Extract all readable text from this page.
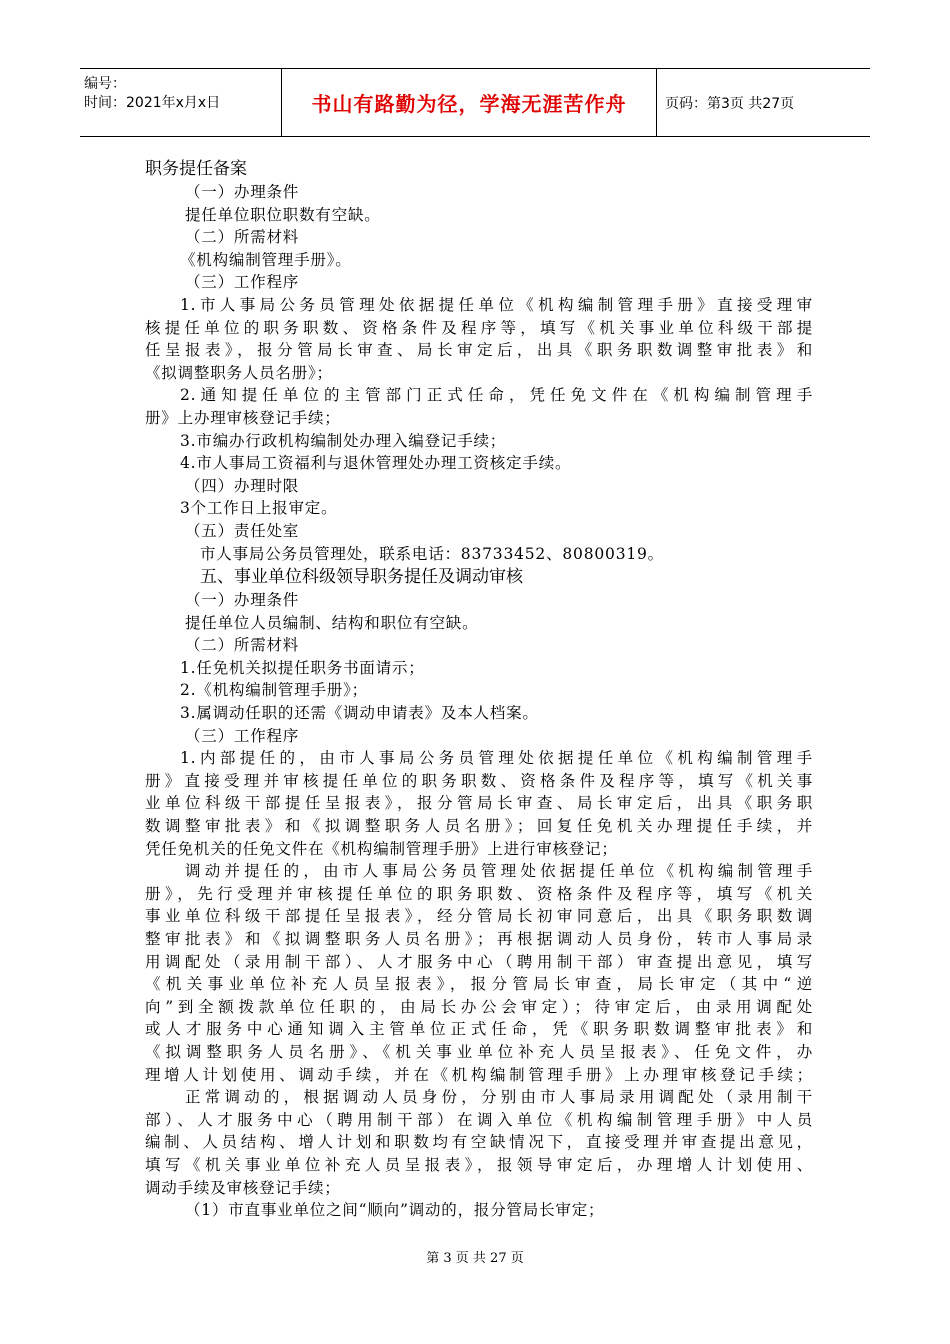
编号：
时间：2021年x月x日	书山有路勤为径，学海无涯苦作舟	页码：第3页 共27页
职务提任备案
（一）办理条件
提任单位职位职数有空缺。
（二）所需材料
《机构编制管理手册》。
（三）工作程序
1.市人事局公务员管理处依据提任单位《机构编制管理手册》直接受理审
核提任单位的职务职数、资格条件及程序等，填写《机关事业单位科级干部提
任呈报表》，报分管局长审查、局长审定后，出具《职务职数调整审批表》和
《拟调整职务人员名册》；
2.通知提任单位的主管部门正式任命，凭任免文件在《机构编制管理手
册》上办理审核登记手续；
3.市编办行政机构编制处办理入编登记手续；
4.市人事局工资福利与退休管理处办理工资核定手续。
（四）办理时限
3个工作日上报审定。
（五）责任处室
市人事局公务员管理处，联系电话：83733452、80800319。
五、事业单位科级领导职务提任及调动审核
（一）办理条件
提任单位人员编制、结构和职位有空缺。
（二）所需材料
1.任免机关拟提任职务书面请示；
2.《机构编制管理手册》；
3.属调动任职的还需《调动申请表》及本人档案。
（三）工作程序
1.内部提任的，由市人事局公务员管理处依据提任单位《机构编制管理手
册》直接受理并审核提任单位的职务职数、资格条件及程序等，填写《机关事
业单位科级干部提任呈报表》，报分管局长审查、局长审定后，出具《职务职
数调整审批表》和《拟调整职务人员名册》；回复任免机关办理提任手续，并
凭任免机关的任免文件在《机构编制管理手册》上进行审核登记；
调动并提任的，由市人事局公务员管理处依据提任单位《机构编制管理手
册》，先行受理并审核提任单位的职务职数、资格条件及程序等，填写《机关
事业单位科级干部提任呈报表》，经分管局长初审同意后，出具《职务职数调
整审批表》和《拟调整职务人员名册》；再根据调动人员身份，转市人事局录
用调配处（录用制干部）、人才服务中心（聘用制干部）审查提出意见，填写
《机关事业单位补充人员呈报表》，报分管局长审查，局长审定（其中“逆
向”到全额拨款单位任职的，由局长办公会审定）；待审定后，由录用调配处
或人才服务中心通知调入主管单位正式任命，凭《职务职数调整审批表》和
《拟调整职务人员名册》、《机关事业单位补充人员呈报表》、任免文件，办
理增人计划使用、调动手续，并在《机构编制管理手册》上办理审核登记手续；
正常调动的，根据调动人员身份，分别由市人事局录用调配处（录用制干
部）、人才服务中心（聘用制干部）在调入单位《机构编制管理手册》中人员
编制、人员结构、增人计划和职数均有空缺情况下，直接受理并审查提出意见，
填写《机关事业单位补充人员呈报表》，报领导审定后，办理增人计划使用、
调动手续及审核登记手续；
（1）市直事业单位之间“顺向”调动的，报分管局长审定；
第 3 页 共 27 页
